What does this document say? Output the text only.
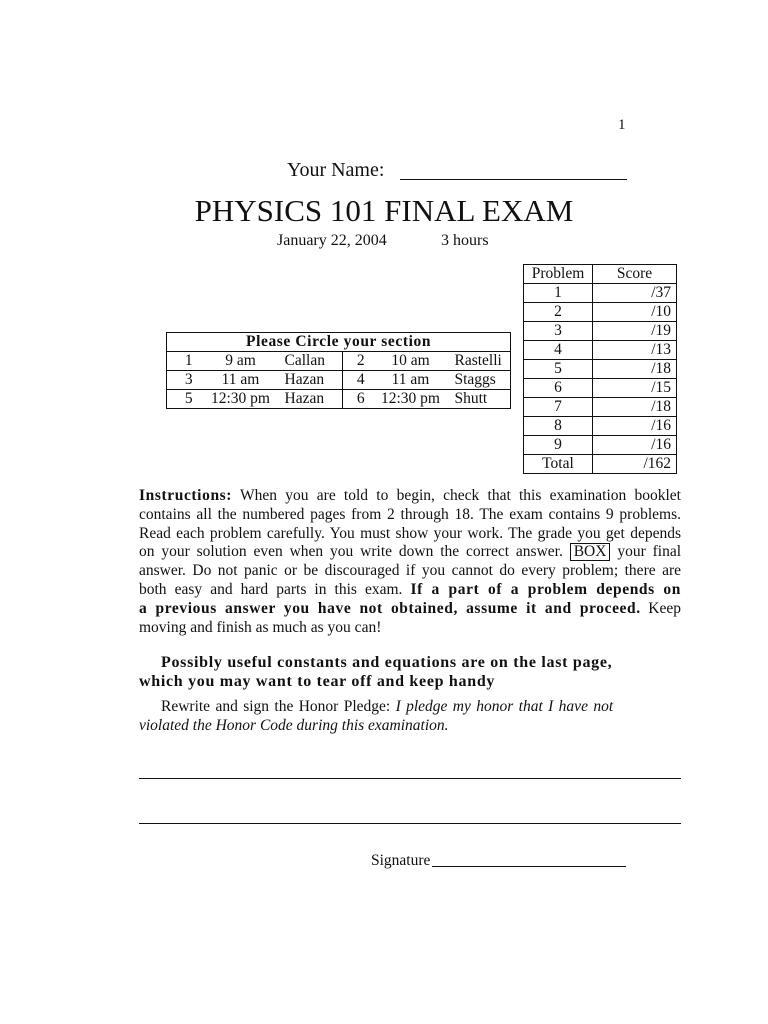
1
Your Name:
PHYSICS 101 FINAL EXAM
January 22, 2004	3 hours
Problem	Score
1	/37
2	/10
3	/19
4	/13
5	/18
6	/15
7	/18
8	/16
9	/16
Total	/162
Please Circle your section					
1	9 am	Callan	2	10 am	Rastelli
3	11 am	Hazan	4	11 am	Staggs
5	12:30 pm	Hazan	6	12:30 pm	Shutt
Instructions: When you are told to begin, check that this examination booklet
contains all the numbered pages from 2 through 18. The exam contains 9 problems.
Read each problem carefully. You must show your work. The grade you get depends
on your solution even when you write down the correct answer. BOX your final
answer. Do not panic or be discouraged if you cannot do every problem; there are
both easy and hard parts in this exam. If a part of a problem depends on
a previous answer you have not obtained, assume it and proceed. Keep
moving and finish as much as you can!
Possibly useful constants and equations are on the last page,
which you may want to tear off and keep handy
Rewrite and sign the Honor Pledge: I pledge my honor that I have not
violated the Honor Code during this examination.
Signature
